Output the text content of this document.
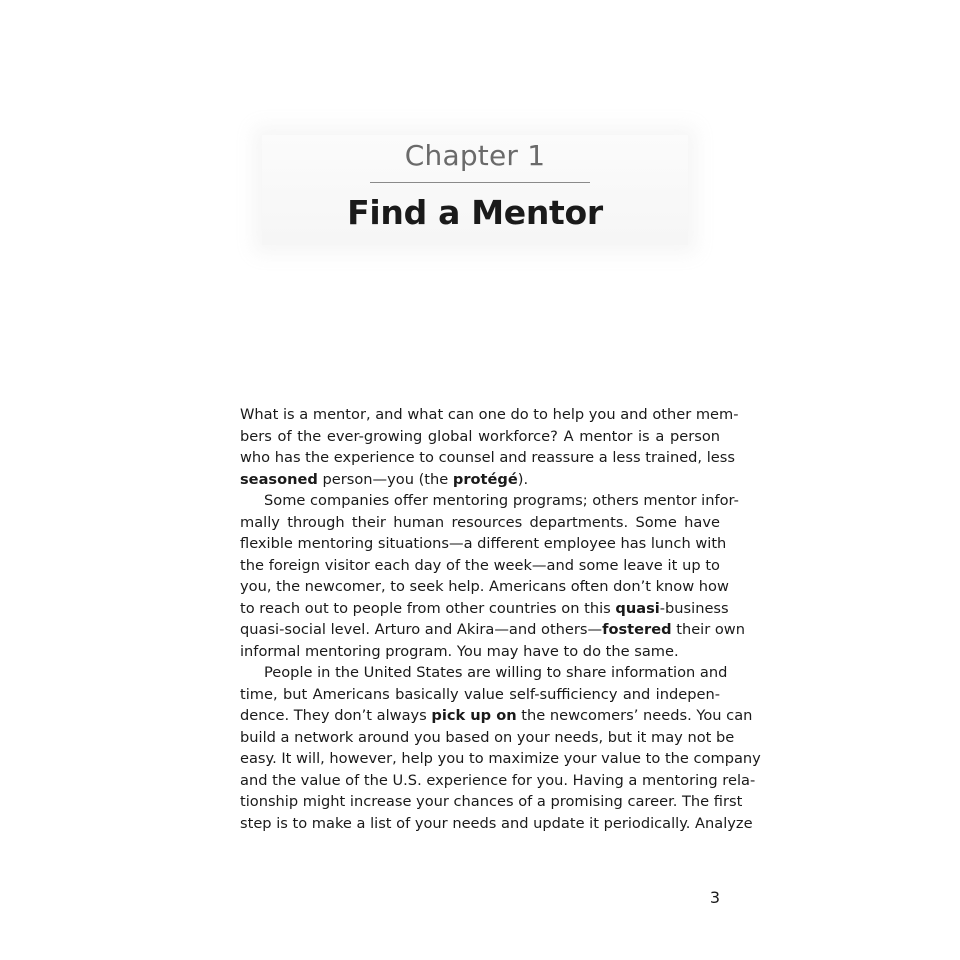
Chapter 1
Find a Mentor
What is a mentor, and what can one do to help you and other mem-
bers of the ever-growing global workforce? A mentor is a person
who has the experience to counsel and reassure a less trained, less
seasoned person—you (the protégé).
Some companies offer mentoring programs; others mentor infor-
mally through their human resources departments. Some have
flexible mentoring situations—a different employee has lunch with
the foreign visitor each day of the week—and some leave it up to
you, the newcomer, to seek help. Americans often don’t know how
to reach out to people from other countries on this quasi-business
quasi-social level. Arturo and Akira—and others—fostered their own
informal mentoring program. You may have to do the same.
People in the United States are willing to share information and
time, but Americans basically value self-sufficiency and indepen-
dence. They don’t always pick up on the newcomers’ needs. You can
build a network around you based on your needs, but it may not be
easy. It will, however, help you to maximize your value to the company
and the value of the U.S. experience for you. Having a mentoring rela-
tionship might increase your chances of a promising career. The first
step is to make a list of your needs and update it periodically. Analyze
3
